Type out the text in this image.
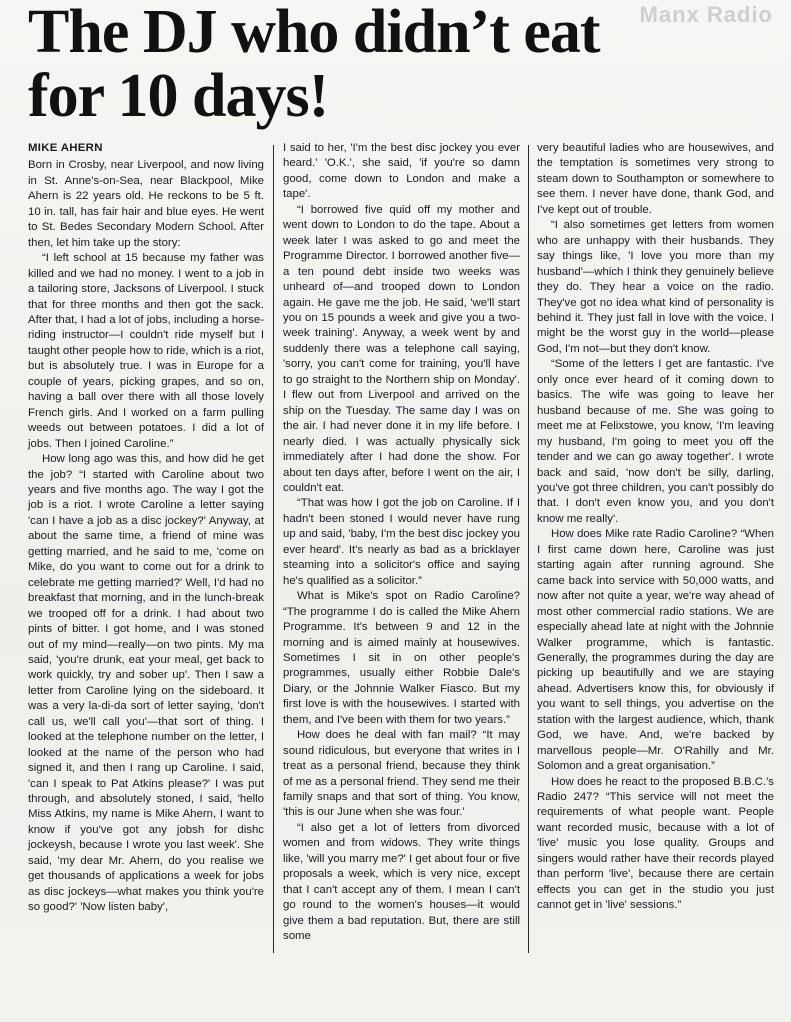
Manx Radio
The DJ who didn’t eat
for 10 days!

MIKE AHERN

Born in Crosby, near Liverpool, and now living in St. Anne's-on-Sea, near Blackpool, Mike Ahern is 22 years old. He reckons to be 5 ft. 10 in. tall, has fair hair and blue eyes. He went to St. Bedes Secondary Modern School. After then, let him take up the story:

“I left school at 15 because my father was killed and we had no money. I went to a job in a tailoring store, Jacksons of Liverpool. I stuck that for three months and then got the sack. After that, I had a lot of jobs, including a horse-riding instructor—I couldn't ride myself but I taught other people how to ride, which is a riot, but is absolutely true. I was in Europe for a couple of years, picking grapes, and so on, having a ball over there with all those lovely French girls. And I worked on a farm pulling weeds out between potatoes. I did a lot of jobs. Then I joined Caroline.”

How long ago was this, and how did he get the job? “I started with Caroline about two years and five months ago. The way I got the job is a riot. I wrote Caroline a letter saying 'can I have a job as a disc jockey?' Anyway, at about the same time, a friend of mine was getting married, and he said to me, 'come on Mike, do you want to come out for a drink to celebrate me getting married?' Well, I'd had no breakfast that morning, and in the lunch-break we trooped off for a drink. I had about two pints of bitter. I got home, and I was stoned out of my mind—really—on two pints. My ma said, 'you're drunk, eat your meal, get back to work quickly, try and sober up'. Then I saw a letter from Caroline lying on the sideboard. It was a very la-di-da sort of letter saying, 'don't call us, we'll call you'—that sort of thing. I looked at the telephone number on the letter, I looked at the name of the person who had signed it, and then I rang up Caroline. I said, 'can I speak to Pat Atkins please?' I was put through, and absolutely stoned, I said, 'hello Miss Atkins, my name is Mike Ahern, I want to know if you've got any jobsh for dishc jockeysh, because I wrote you last week'. She said, 'my dear Mr. Ahern, do you realise we get thousands of applications a week for jobs as disc jockeys—what makes you think you're so good?' 'Now listen baby',

I said to her, 'I'm the best disc jockey you ever heard.' 'O.K.', she said, 'if you're so damn good, come down to London and make a tape'.

“I borrowed five quid off my mother and went down to London to do the tape. About a week later I was asked to go and meet the Programme Director. I borrowed another five—a ten pound debt inside two weeks was unheard of—and trooped down to London again. He gave me the job. He said, 'we'll start you on 15 pounds a week and give you a two-week training'. Anyway, a week went by and suddenly there was a telephone call saying, 'sorry, you can't come for training, you'll have to go straight to the Northern ship on Monday'. I flew out from Liverpool and arrived on the ship on the Tuesday. The same day I was on the air. I had never done it in my life before. I nearly died. I was actually physically sick immediately after I had done the show. For about ten days after, before I went on the air, I couldn't eat.

“That was how I got the job on Caroline. If I hadn't been stoned I would never have rung up and said, 'baby, I'm the best disc jockey you ever heard'. It's nearly as bad as a bricklayer steaming into a solicitor's office and saying he's qualified as a solicitor.”

What is Mike's spot on Radio Caroline? “The programme I do is called the Mike Ahern Programme. It's between 9 and 12 in the morning and is aimed mainly at housewives. Sometimes I sit in on other people's programmes, usually either Robbie Dale's Diary, or the Johnnie Walker Fiasco. But my first love is with the housewives. I started with them, and I've been with them for two years.”

How does he deal with fan mail? “It may sound ridiculous, but everyone that writes in I treat as a personal friend, because they think of me as a personal friend. They send me their family snaps and that sort of thing. You know, 'this is our June when she was four.'

“I also get a lot of letters from divorced women and from widows. They write things like, 'will you marry me?' I get about four or five proposals a week, which is very nice, except that I can't accept any of them. I mean I can't go round to the women's houses—it would give them a bad reputation. But, there are still some

very beautiful ladies who are housewives, and the temptation is sometimes very strong to steam down to Southampton or somewhere to see them. I never have done, thank God, and I've kept out of trouble.

“I also sometimes get letters from women who are unhappy with their husbands. They say things like, 'I love you more than my husband'—which I think they genuinely believe they do. They hear a voice on the radio. They've got no idea what kind of personality is behind it. They just fall in love with the voice. I might be the worst guy in the world—please God, I'm not—but they don't know.

“Some of the letters I get are fantastic. I've only once ever heard of it coming down to basics. The wife was going to leave her husband because of me. She was going to meet me at Felixstowe, you know, 'I'm leaving my husband, I'm going to meet you off the tender and we can go away together'. I wrote back and said, 'now don't be silly, darling, you've got three children, you can't possibly do that. I don't even know you, and you don't know me really'.

How does Mike rate Radio Caroline? “When I first came down here, Caroline was just starting again after running aground. She came back into service with 50,000 watts, and now after not quite a year, we're way ahead of most other commercial radio stations. We are especially ahead late at night with the Johnnie Walker programme, which is fantastic. Generally, the programmes during the day are picking up beautifully and we are staying ahead. Advertisers know this, for obviously if you want to sell things, you advertise on the station with the largest audience, which, thank God, we have. And, we're backed by marvellous people—Mr. O'Rahilly and Mr. Solomon and a great organisation.”

How does he react to the proposed B.B.C.'s Radio 247? “This service will not meet the requirements of what people want. People want recorded music, because with a lot of 'live' music you lose quality. Groups and singers would rather have their records played than perform 'live', because there are certain effects you can get in the studio you just cannot get in 'live' sessions.”
